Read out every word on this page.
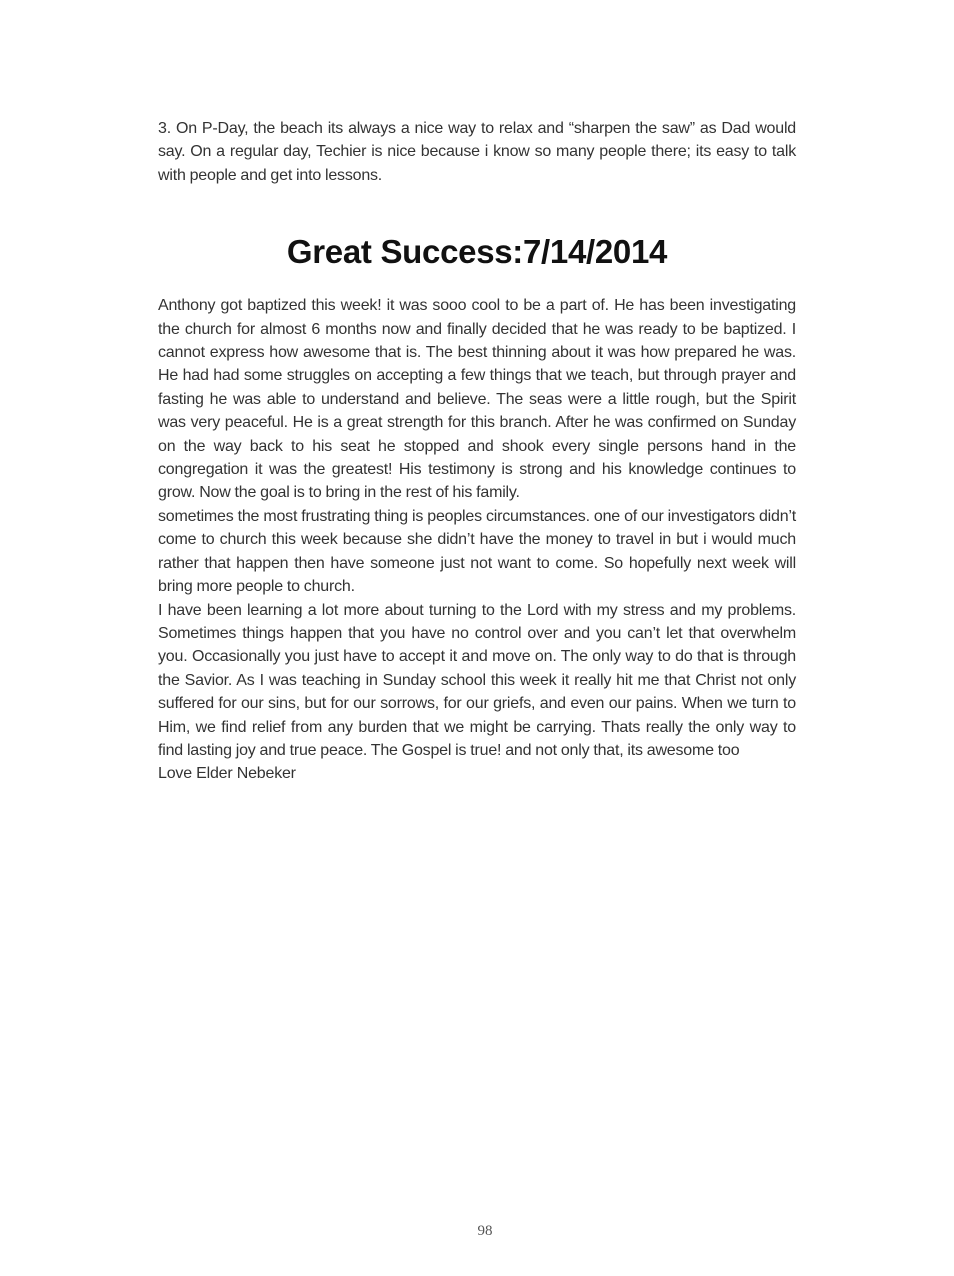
3. On P-Day, the beach its always a nice way to relax and “sharpen the saw” as Dad would say. On a regular day, Techier is nice because i know so many people there; its easy to talk with people and get into lessons.

Great Success:7/14/2014

Anthony got baptized this week! it was sooo cool to be a part of. He has been investigating the church for almost 6 months now and finally decided that he was ready to be baptized. I cannot express how awesome that is. The best thinning about it was how prepared he was. He had had some struggles on accepting a few things that we teach, but through prayer and fasting he was able to understand and believe. The seas were a little rough, but the Spirit was very peaceful. He is a great strength for this branch. After he was confirmed on Sunday on the way back to his seat he stopped and shook every single persons hand in the congregation it was the greatest! His testimony is strong and his knowledge continues to grow. Now the goal is to bring in the rest of his family.

sometimes the most frustrating thing is peoples circumstances. one of our investigators didn’t come to church this week because she didn’t have the money to travel in but i would much rather that happen then have someone just not want to come. So hopefully next week will bring more people to church.

I have been learning a lot more about turning to the Lord with my stress and my problems. Sometimes things happen that you have no control over and you can’t let that overwhelm you. Occasionally you just have to accept it and move on. The only way to do that is through the Savior. As I was teaching in Sunday school this week it really hit me that Christ not only suffered for our sins, but for our sorrows, for our griefs, and even our pains. When we turn to Him, we find relief from any burden that we might be carrying. Thats really the only way to find lasting joy and true peace. The Gospel is true! and not only that, its awesome too

Love Elder Nebeker

98
